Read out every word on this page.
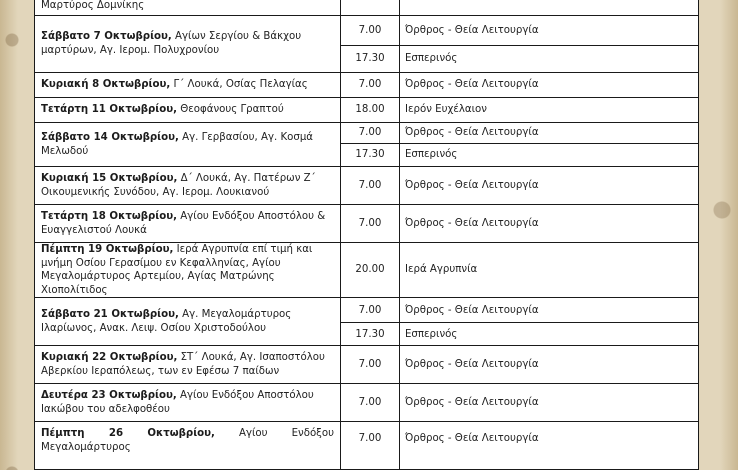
Μαρτύρος Δομνίκης		
Σάββατο 7 Οκτωβρίου, Αγίων Σεργίου & Βάκχου μαρτύρων, Αγ. Ιερομ. Πολυχρονίου	7.00	Όρθρος - Θεία Λειτουργία
	17.30	Εσπερινός
Κυριακή 8 Οκτωβρίου, Γ΄ Λουκά, Οσίας Πελαγίας	7.00	Όρθρος - Θεία Λειτουργία
Τετάρτη 11 Οκτωβρίου, Θεοφάνους Γραπτού	18.00	Ιερόν Ευχέλαιον
Σάββατο 14 Οκτωβρίου, Αγ. Γερβασίου, Αγ. Κοσμά Μελωδού	7.00	Όρθρος - Θεία Λειτουργία
	17.30	Εσπερινός
Κυριακή 15 Οκτωβρίου, Δ΄ Λουκά, Αγ. Πατέρων Ζ΄ Οικουμενικής Συνόδου, Αγ. Ιερομ. Λουκιανού	7.00	Όρθρος - Θεία Λειτουργία
Τετάρτη 18 Οκτωβρίου, Αγίου Ενδόξου Αποστόλου & Ευαγγελιστού Λουκά	7.00	Όρθρος - Θεία Λειτουργία
Πέμπτη 19 Οκτωβρίου, Ιερά Αγρυπνία επί τιμή και μνήμη Οσίου Γερασίμου εν Κεφαλληνίας, Αγίου Μεγαλομάρτυρος Αρτεμίου, Αγίας Ματρώνης Χιοπολίτιδος	20.00	Ιερά Αγρυπνία
Σάββατο 21 Οκτωβρίου, Αγ. Μεγαλομάρτυρος Ιλαρίωνος, Ανακ. Λειψ. Οσίου Χριστοδούλου	7.00	Όρθρος - Θεία Λειτουργία
	17.30	Εσπερινός
Κυριακή 22 Οκτωβρίου, ΣΤ΄ Λουκά, Αγ. Ισαποστόλου Αβερκίου Ιεραπόλεως, των εν Εφέσω 7 παίδων	7.00	Όρθρος - Θεία Λειτουργία
Δευτέρα 23 Οκτωβρίου, Αγίου Ενδόξου Αποστόλου Ιακώβου του αδελφοθέου	7.00	Όρθρος - Θεία Λειτουργία

Πέμπτη 26 Οκτωβρίου, Αγίου Ενδόξου Μεγαλομάρτυρος	7.00	Όρθρος - Θεία Λειτουργία
